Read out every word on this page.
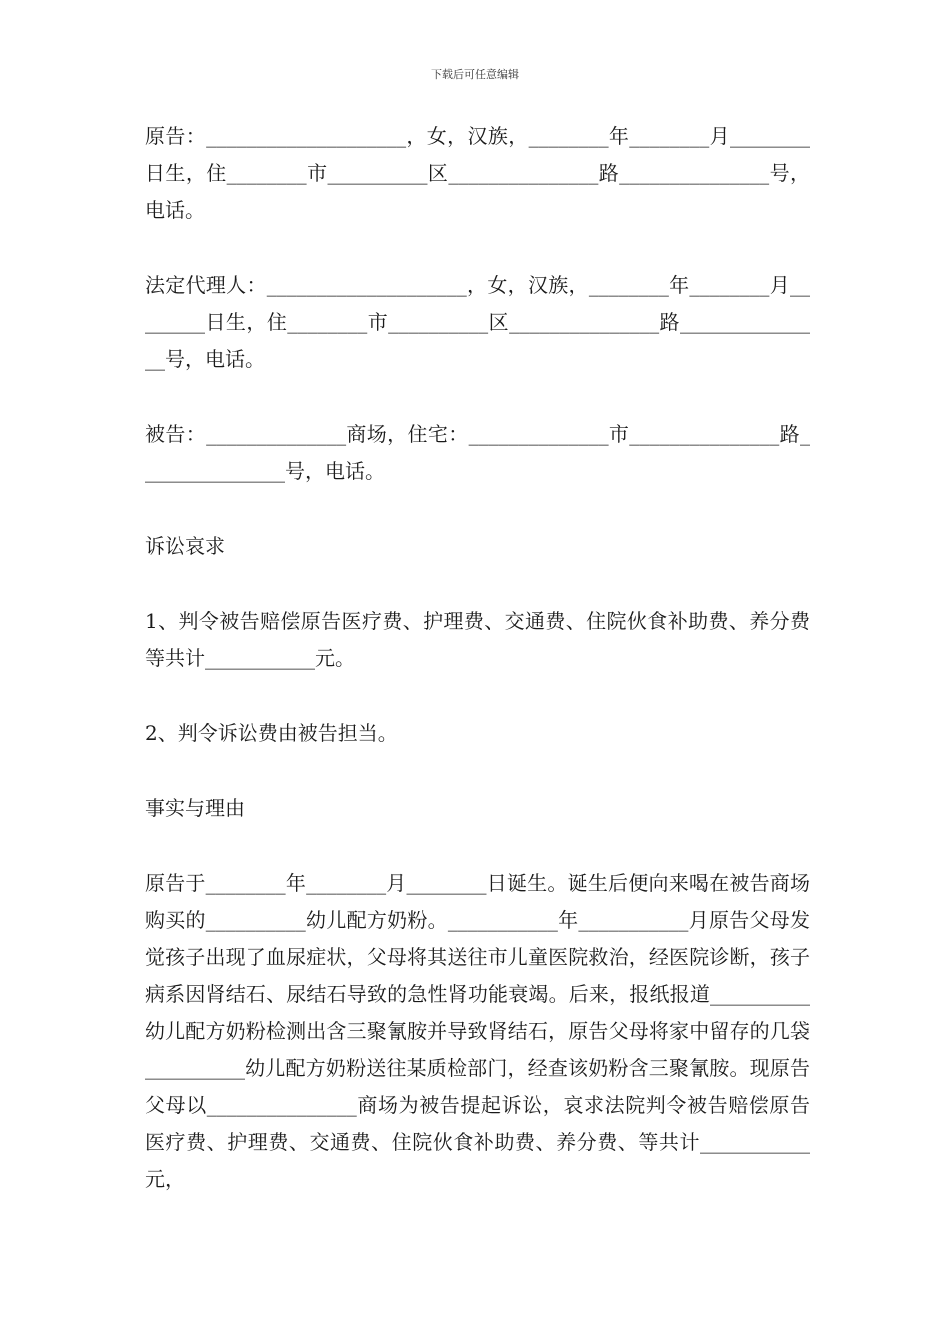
下载后可任意编辑

原告：____________________，女，汉族，________年________月________日生，住________市__________区_______________路_______________号，电话。

法定代理人：____________________，女，汉族，________年________月________日生，住________市__________区_______________路_______________号，电话。

被告：______________商场，住宅：______________市_______________路_______________号，电话。

诉讼哀求

1、判令被告赔偿原告医疗费、护理费、交通费、住院伙食补助费、养分费等共计___________元。

2、判令诉讼费由被告担当。

事实与理由

原告于________年________月________日诞生。诞生后便向来喝在被告商场购买的__________幼儿配方奶粉。___________年___________月原告父母发觉孩子出现了血尿症状，父母将其送往市儿童医院救治，经医院诊断，孩子病系因肾结石、尿结石导致的急性肾功能衰竭。后来，报纸报道__________幼儿配方奶粉检测出含三聚氰胺并导致肾结石，原告父母将家中留存的几袋__________幼儿配方奶粉送往某质检部门，经查该奶粉含三聚氰胺。现原告父母以_______________商场为被告提起诉讼，哀求法院判令被告赔偿原告医疗费、护理费、交通费、住院伙食补助费、养分费、等共计___________元，
